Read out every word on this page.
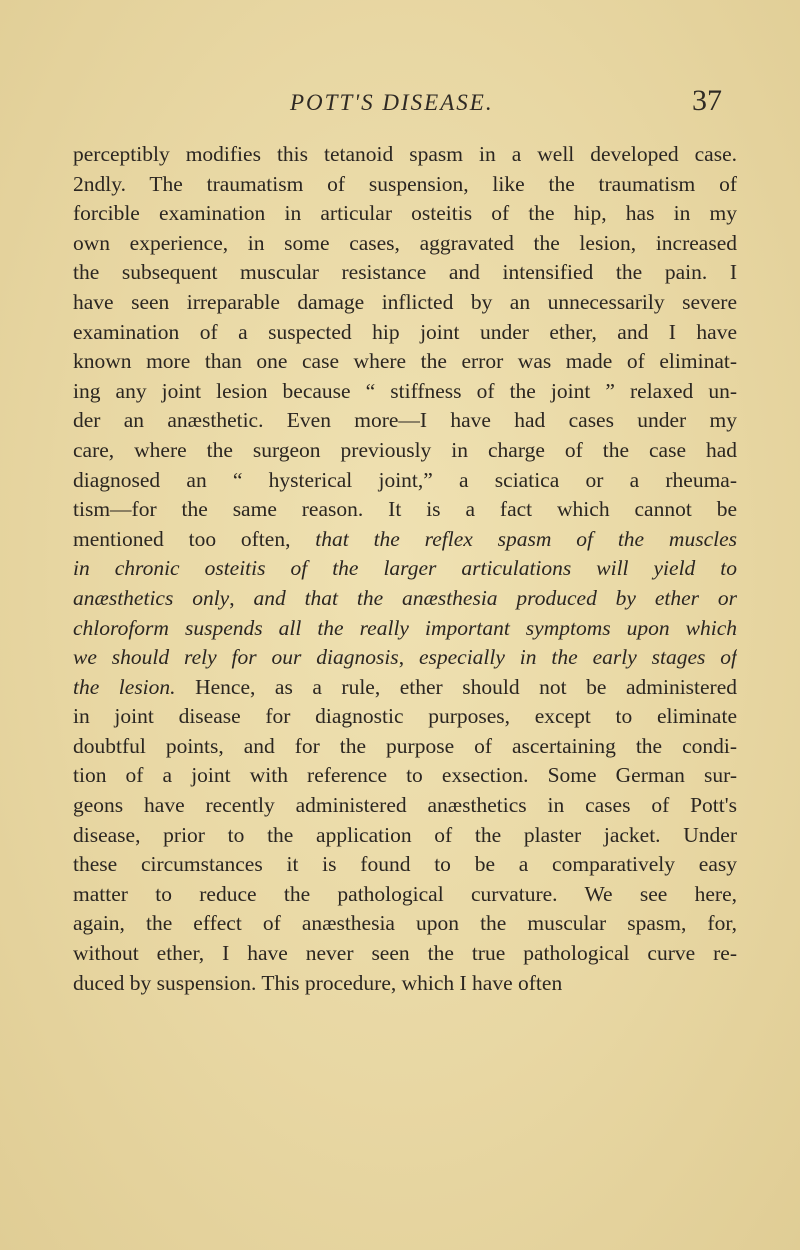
POTT'S DISEASE.	37
perceptibly modifies this tetanoid spasm in a well developed case.
2ndly. The traumatism of suspension, like the traumatism of
forcible examination in articular osteitis of the hip, has in my
own experience, in some cases, aggravated the lesion, increased
the subsequent muscular resistance and intensified the pain. I
have seen irreparable damage inflicted by an unnecessarily severe
examination of a suspected hip joint under ether, and I have
known more than one case where the error was made of eliminat-
ing any joint lesion because “ stiffness of the joint ” relaxed un-
der an anæsthetic. Even more—I have had cases under my
care, where the surgeon previously in charge of the case had
diagnosed an “ hysterical joint,” a sciatica or a rheuma-
tism—for the same reason. It is a fact which cannot be
mentioned too often, that the reflex spasm of the muscles
in chronic osteitis of the larger articulations will yield to
anæsthetics only, and that the anæsthesia produced by ether or
chloroform suspends all the really important symptoms upon which
we should rely for our diagnosis, especially in the early stages of
the lesion. Hence, as a rule, ether should not be administered
in joint disease for diagnostic purposes, except to eliminate
doubtful points, and for the purpose of ascertaining the condi-
tion of a joint with reference to exsection. Some German sur-
geons have recently administered anæsthetics in cases of Pott's
disease, prior to the application of the plaster jacket. Under
these circumstances it is found to be a comparatively easy
matter to reduce the pathological curvature. We see here,
again, the effect of anæsthesia upon the muscular spasm, for,
without ether, I have never seen the true pathological curve re-
duced by suspension. This procedure, which I have often
